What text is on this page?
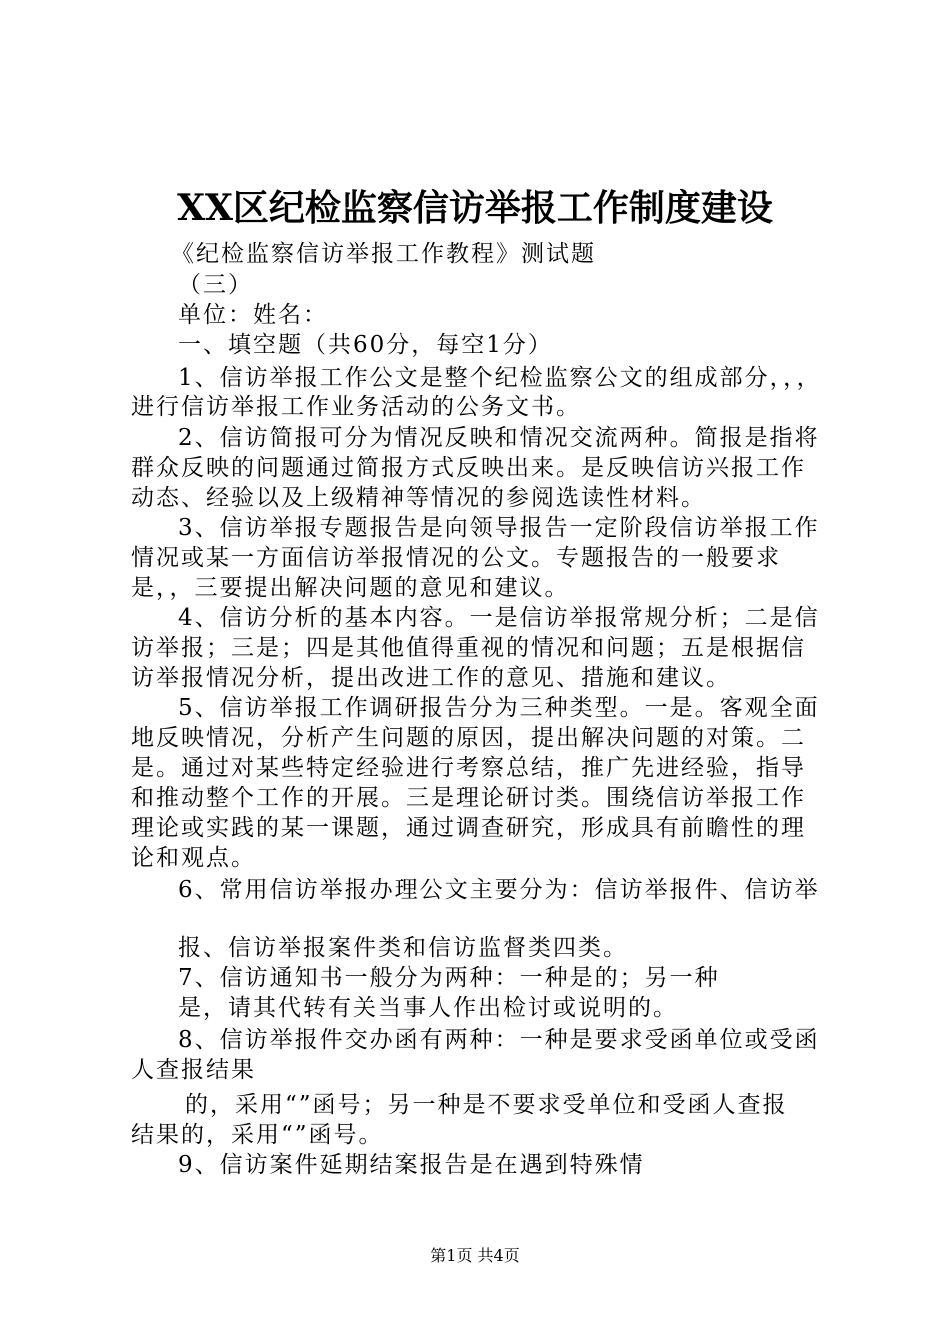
XX区纪检监察信访举报工作制度建设
《纪检监察信访举报工作教程》测试题
（三）
单位：姓名：
一、填空题（共60分，每空1分）
1、信访举报工作公文是整个纪检监察公文的组成部分，，，
进行信访举报工作业务活动的公务文书。
2、信访简报可分为情况反映和情况交流两种。简报是指将
群众反映的问题通过简报方式反映出来。是反映信访兴报工作
动态、经验以及上级精神等情况的参阅选读性材料。
3、信访举报专题报告是向领导报告一定阶段信访举报工作
情况或某一方面信访举报情况的公文。专题报告的一般要求
是，，三要提出解决问题的意见和建议。
4、信访分析的基本内容。一是信访举报常规分析；二是信
访举报；三是；四是其他值得重视的情况和问题；五是根据信
访举报情况分析，提出改进工作的意见、措施和建议。
5、信访举报工作调研报告分为三种类型。一是。客观全面
地反映情况，分析产生问题的原因，提出解决问题的对策。二
是。通过对某些特定经验进行考察总结，推广先进经验，指导
和推动整个工作的开展。三是理论研讨类。围绕信访举报工作
理论或实践的某一课题，通过调查研究，形成具有前瞻性的理
论和观点。
6、常用信访举报办理公文主要分为：信访举报件、信访举
报、信访举报案件类和信访监督类四类。
7、信访通知书一般分为两种：一种是的；另一种
是，请其代转有关当事人作出检讨或说明的。
8、信访举报件交办函有两种：一种是要求受函单位或受函
人查报结果
的，采用“”函号；另一种是不要求受单位和受函人查报
结果的，采用“”函号。
9、信访案件延期结案报告是在遇到特殊情
第1页 共4页
